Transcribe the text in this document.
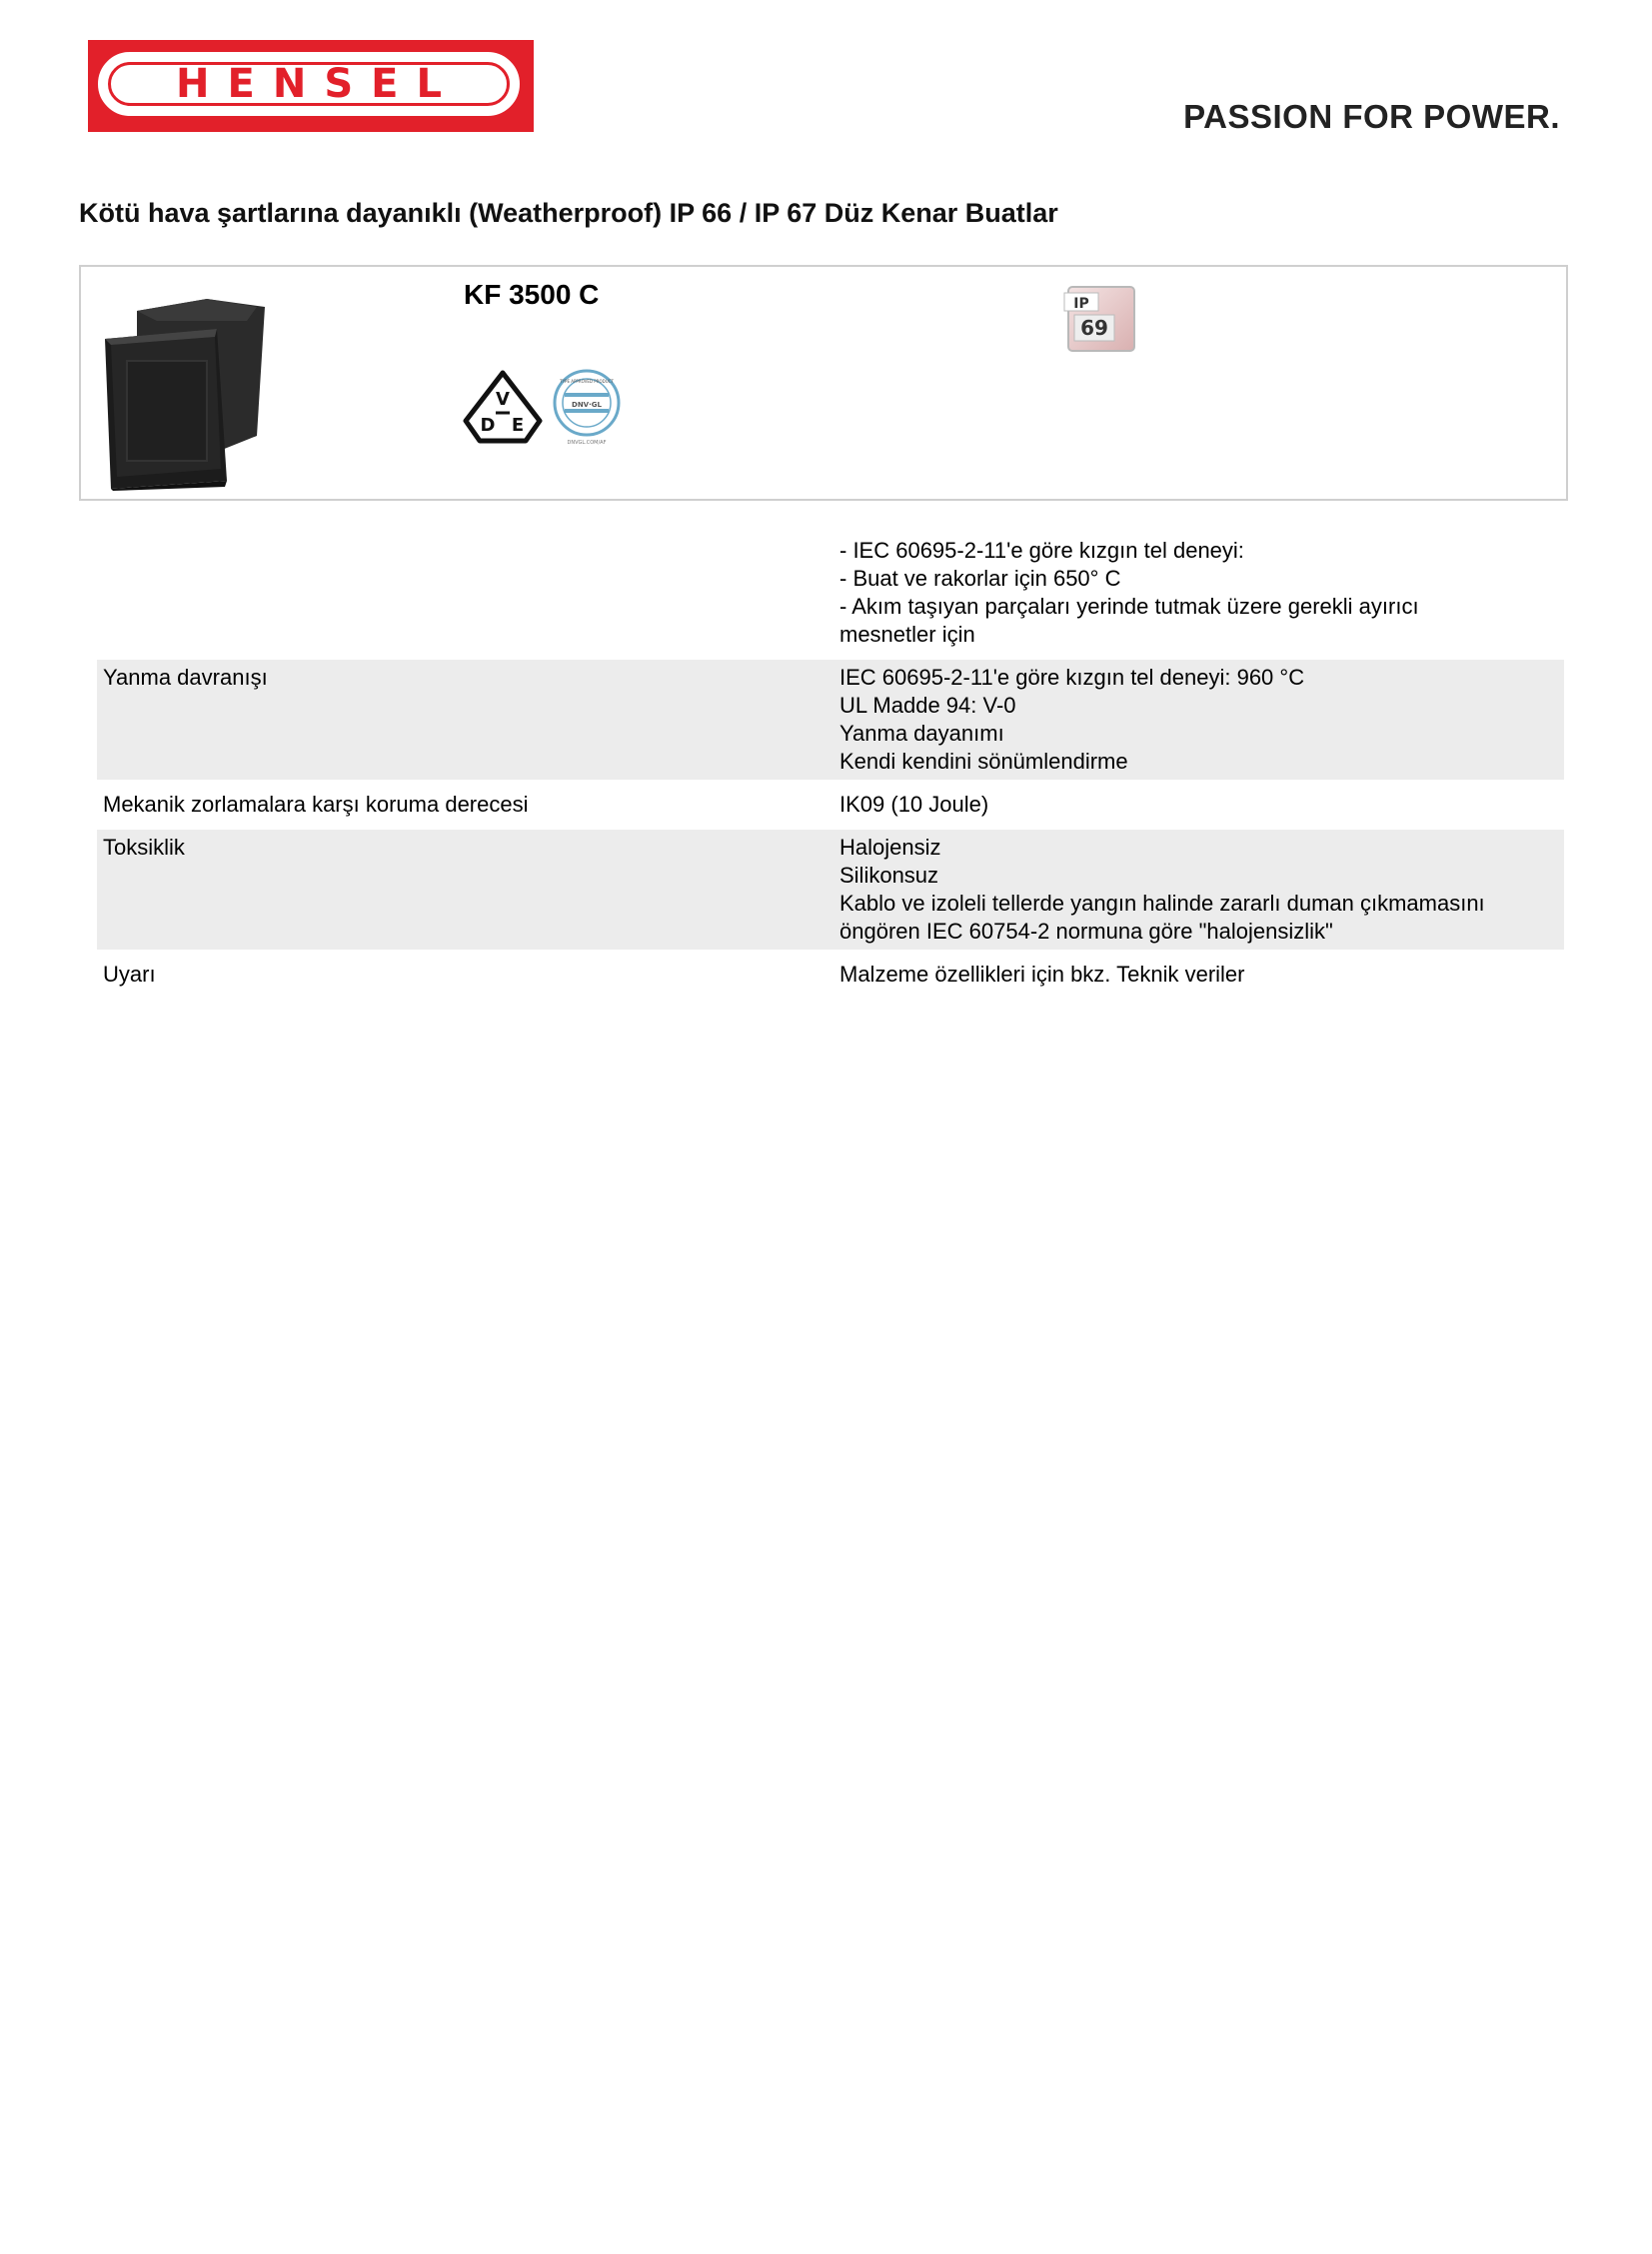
HENSEL
PASSION FOR POWER.
Kötü hava şartlarına dayanıklı (Weatherproof) IP 66 / IP 67 Düz Kenar Buatlar
KF 3500 C
V
D E
TYPE APPROVED PRODUCT
DNV·GL
DNVGL.COM/AF
IP
69
- IEC 60695-2-11'e göre kızgın tel deneyi:
- Buat ve rakorlar için 650° C
- Akım taşıyan parçaları yerinde tutmak üzere gerekli ayırıcı
mesnetler için
Yanma davranışı	IEC 60695-2-11'e göre kızgın tel deneyi: 960 °C
UL Madde 94: V-0
Yanma dayanımı
Kendi kendini sönümlendirme
Mekanik zorlamalara karşı koruma derecesi	IK09 (10 Joule)
Toksiklik	Halojensiz
Silikonsuz
Kablo ve izoleli tellerde yangın halinde zararlı duman çıkmamasını
öngören IEC 60754-2 normuna göre "halojensizlik"
Uyarı	Malzeme özellikleri için bkz. Teknik veriler
